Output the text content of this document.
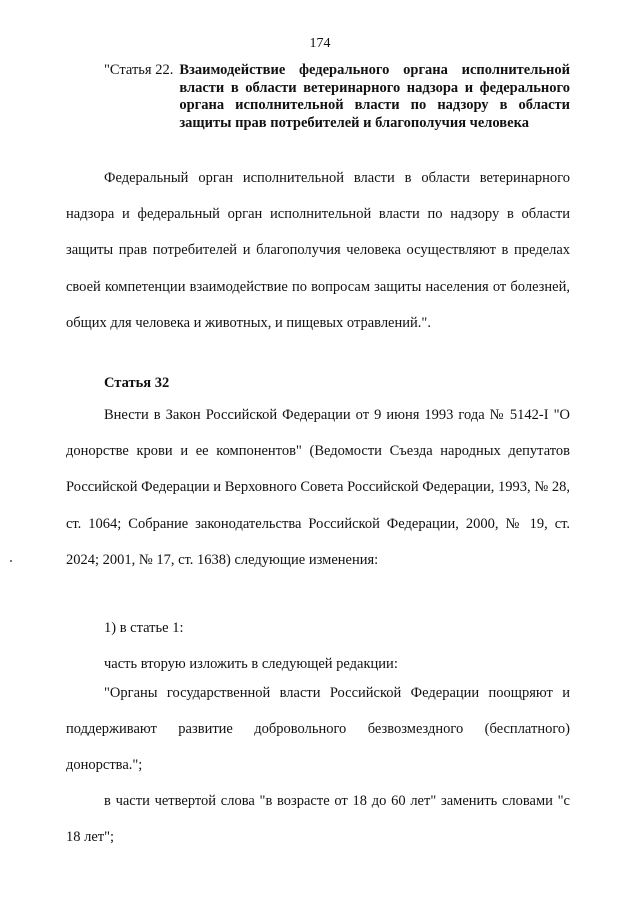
174
"Статья 22. Взаимодействие федерального органа исполнительной власти в области ветеринарного надзора и федерального органа исполнительной власти по надзору в области защиты прав потребителей и благополучия человека

Федеральный орган исполнительной власти в области ветеринарного надзора и федеральный орган исполнительной власти по надзору в области защиты прав потребителей и благополучия человека осуществляют в пределах своей компетенции взаимодействие по вопросам защиты населения от болезней, общих для человека и животных, и пищевых отравлений.".

Статья 32

Внести в Закон Российской Федерации от 9 июня 1993 года № 5142-I "О донорстве крови и ее компонентов" (Ведомости Съезда народных депутатов Российской Федерации и Верховного Совета Российской Федерации, 1993, № 28, ст. 1064; Собрание законодательства Российской Федерации, 2000, № 19, ст. 2024; 2001, № 17, ст. 1638) следующие изменения:

1) в статье 1:
часть вторую изложить в следующей редакции:

"Органы государственной власти Российской Федерации поощряют и поддерживают развитие добровольного безвозмездного (бесплатного) донорства.";

в части четвертой слова "в возрасте от 18 до 60 лет" заменить словами "с 18 лет";
